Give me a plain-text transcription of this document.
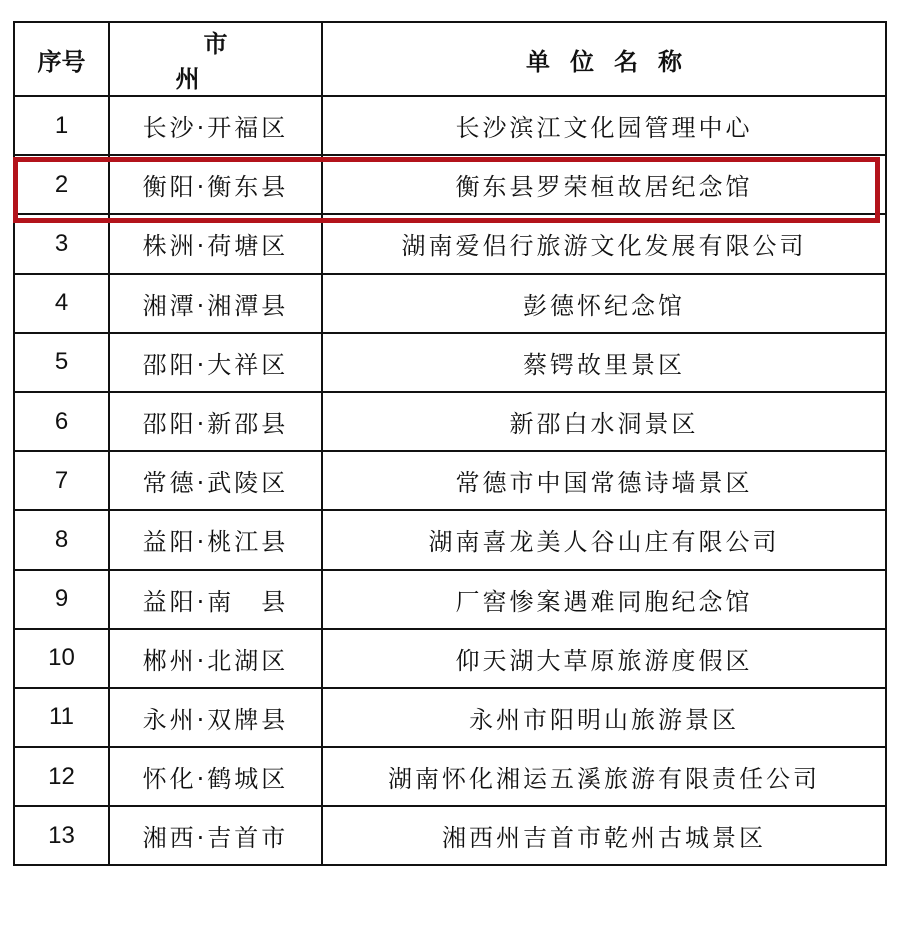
序号	市州	单位名称
1	长沙·开福区	长沙滨江文化园管理中心
2	衡阳·衡东县	衡东县罗荣桓故居纪念馆
3	株洲·荷塘区	湖南爱侣行旅游文化发展有限公司
4	湘潭·湘潭县	彭德怀纪念馆
5	邵阳·大祥区	蔡锷故里景区
6	邵阳·新邵县	新邵白水洞景区
7	常德·武陵区	常德市中国常德诗墙景区
8	益阳·桃江县	湖南喜龙美人谷山庄有限公司
9	益阳·南　县	厂窖惨案遇难同胞纪念馆
10	郴州·北湖区	仰天湖大草原旅游度假区
11	永州·双牌县	永州市阳明山旅游景区
12	怀化·鹤城区	湖南怀化湘运五溪旅游有限责任公司
13	湘西·吉首市	湘西州吉首市乾州古城景区
